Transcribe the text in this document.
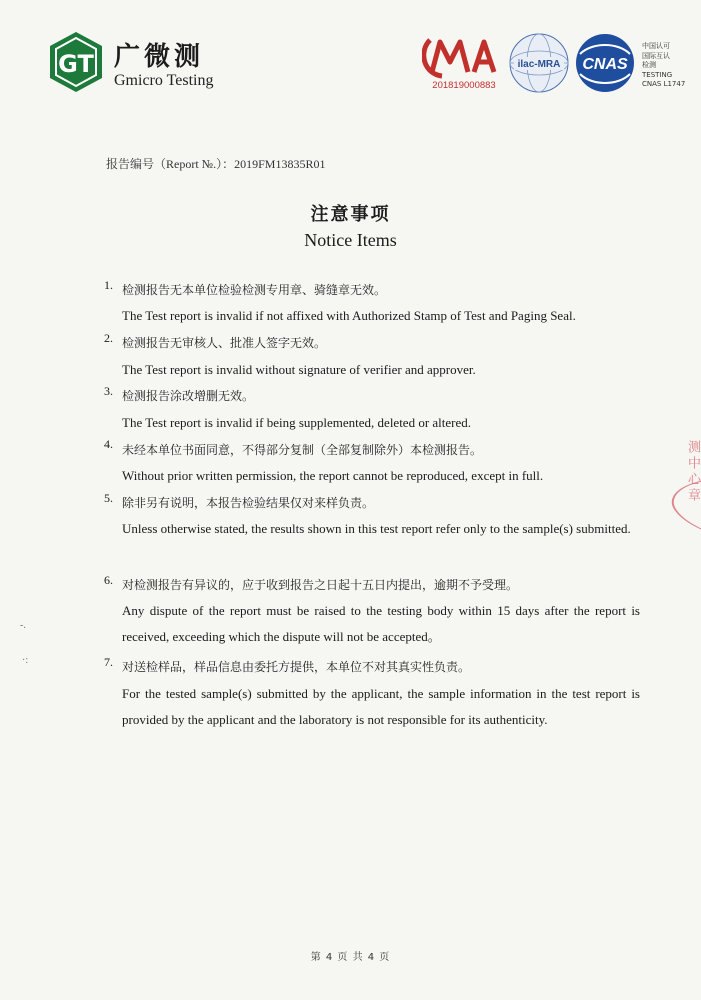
GT 广微测
Gmicro Testing
MA
201819000883
ilac-MRA CNAS
中国认可
国际互认
检测
TESTING
CNAS L1747
报告编号（Report №.）：2019FM13835R01
注意事项
Notice Items
1. 检测报告无本单位检验检测专用章、骑缝章无效。
The Test report is invalid if not affixed with Authorized Stamp of Test and Paging Seal.
2. 检测报告无审核人、批准人签字无效。
The Test report is invalid without signature of verifier and approver.
3. 检测报告涂改增删无效。
The Test report is invalid if being supplemented, deleted or altered.
4. 未经本单位书面同意，不得部分复制（全部复制除外）本检测报告。
Without prior written permission, the report cannot be reproduced, except in full.
5. 除非另有说明，本报告检验结果仅对来样负责。
Unless otherwise stated, the results shown in this test report refer only to the sample(s) submitted.
6. 对检测报告有异议的，应于收到报告之日起十五日内提出，逾期不予受理。
Any dispute of the report must be raised to the testing body within 15 days after the report is received, exceeding which the dispute will not be accepted。
7. 对送检样品，样品信息由委托方提供，本单位不对其真实性负责。
For the tested sample(s) submitted by the applicant, the sample information in the test report is provided by the applicant and the laboratory is not responsible for its authenticity.
测中心章
-.
·:
第 4 页 共 4 页
